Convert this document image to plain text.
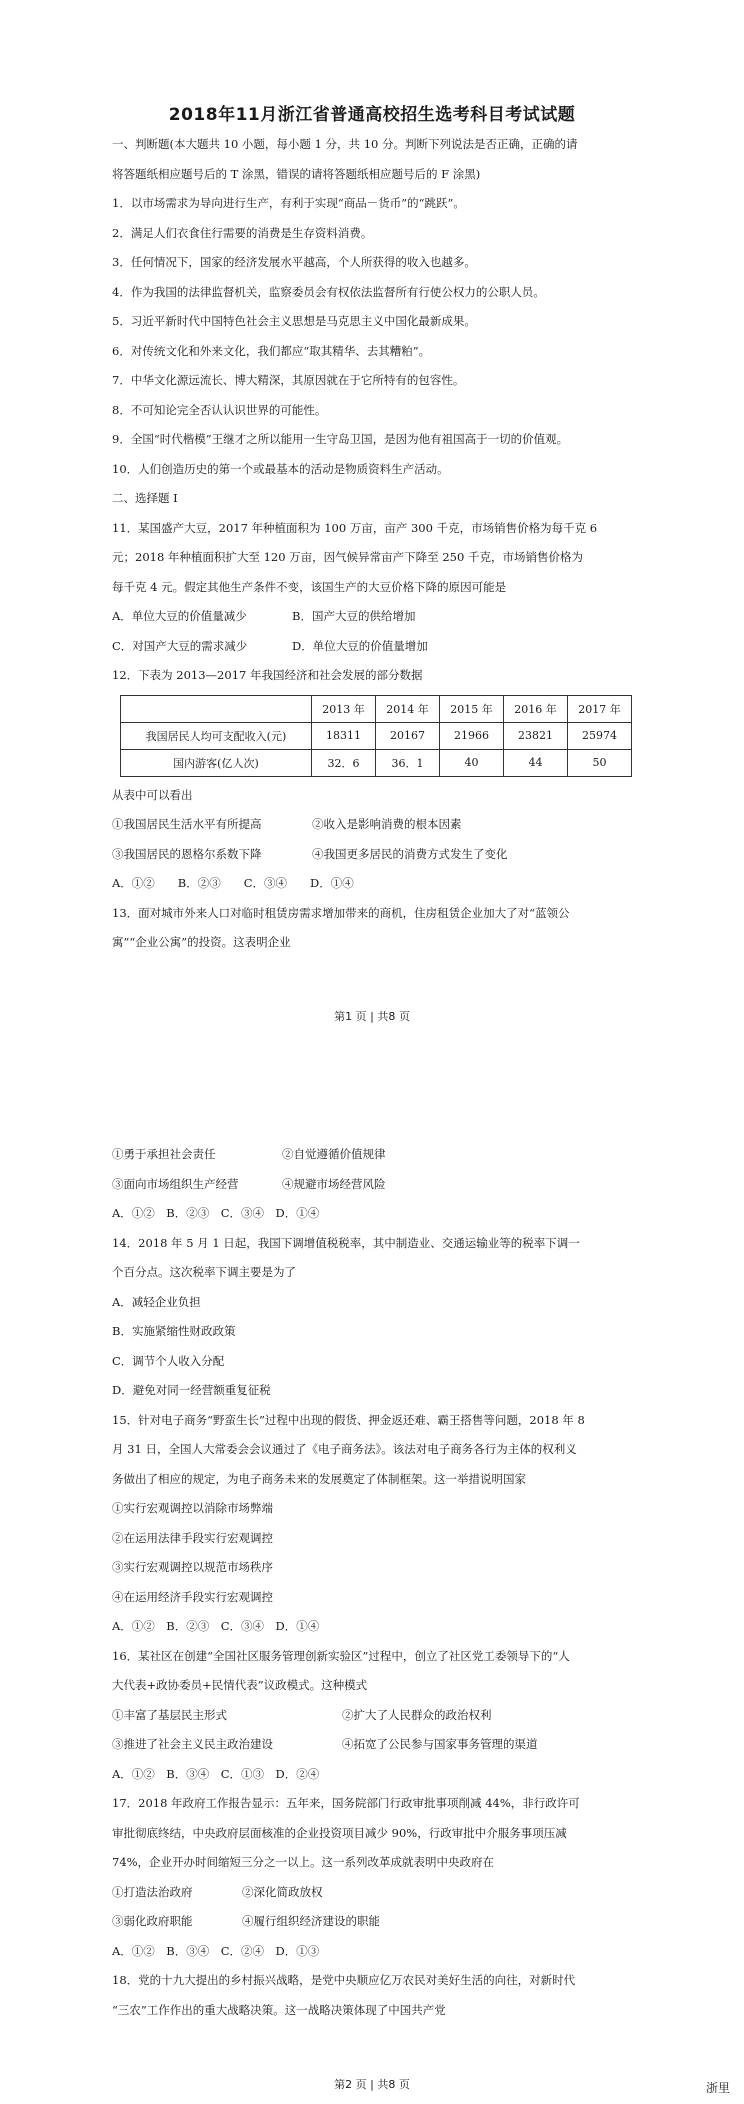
2018年11月浙江省普通高校招生选考科目考试试题

一、判断题(本大题共 10 小题，每小题 1 分，共 10 分。判断下列说法是否正确，正确的请

将答题纸相应题号后的 T 涂黑，错误的请将答题纸相应题号后的 F 涂黑)

1．以市场需求为导向进行生产，有利于实现“商品－货币”的“跳跃”。

2．满足人们衣食住行需要的消费是生存资料消费。

3．任何情况下，国家的经济发展水平越高，个人所获得的收入也越多。

4．作为我国的法律监督机关，监察委员会有权依法监督所有行使公权力的公职人员。

5．习近平新时代中国特色社会主义思想是马克思主义中国化最新成果。

6．对传统文化和外来文化，我们都应“取其精华、去其糟粕”。

7．中华文化源远流长、博大精深，其原因就在于它所特有的包容性。

8．不可知论完全否认认识世界的可能性。

9．全国“时代楷模”王继才之所以能用一生守岛卫国，是因为他有祖国高于一切的价值观。

10．人们创造历史的第一个或最基本的活动是物质资料生产活动。

二、选择题 I

11．某国盛产大豆，2017 年种植面积为 100 万亩，亩产 300 千克，市场销售价格为每千克 6

元；2018 年种植面积扩大至 120 万亩，因气候异常亩产下降至 250 千克，市场销售价格为

每千克 4 元。假定其他生产条件不变，该国生产的大豆价格下降的原因可能是

A．单位大豆的价值量减少	B．国产大豆的供给增加
C．对国产大豆的需求减少	D．单位大豆的价值量增加

12．下表为 2013—2017 年我国经济和社会发展的部分数据

	2013 年	2014 年	2015 年	2016 年	2017 年
我国居民人均可支配收入(元)	18311	20167	21966	23821	25974
国内游客(亿人次)	32．6	36．1	40	44	50

从表中可以看出

①我国居民生活水平有所提高	②收入是影响消费的根本因素
③我国居民的恩格尔系数下降	④我国更多居民的消费方式发生了变化

A．①②　　B．②③　　C．③④　　D．①④

13．面对城市外来人口对临时租赁房需求增加带来的商机，住房租赁企业加大了对“蓝领公

寓”“企业公寓”的投资。这表明企业

第1 页 | 共8 页
①勇于承担社会责任	②自觉遵循价值规律
③面向市场组织生产经营	④规避市场经营风险

A．①②　B．②③　C．③④　D．①④

14．2018 年 5 月 1 日起，我国下调增值税税率，其中制造业、交通运输业等的税率下调一

个百分点。这次税率下调主要是为了

A．减轻企业负担

B．实施紧缩性财政政策

C．调节个人收入分配

D．避免对同一经营额重复征税

15．针对电子商务“野蛮生长”过程中出现的假货、押金返还难、霸王搭售等问题，2018 年 8

月 31 日，全国人大常委会会议通过了《电子商务法》。该法对电子商务各行为主体的权利义

务做出了相应的规定，为电子商务未来的发展奠定了体制框架。这一举措说明国家

①实行宏观调控以消除市场弊端

②在运用法律手段实行宏观调控

③实行宏观调控以规范市场秩序

④在运用经济手段实行宏观调控

A．①②　B．②③　C．③④　D．①④

16．某社区在创建“全国社区服务管理创新实验区”过程中，创立了社区党工委领导下的“人

大代表+政协委员+民情代表”议政模式。这种模式

①丰富了基层民主形式	②扩大了人民群众的政治权利
③推进了社会主义民主政治建设	④拓宽了公民参与国家事务管理的渠道

A．①②　B．③④　C．①③　D．②④

17．2018 年政府工作报告显示：五年来，国务院部门行政审批事项削减 44%，非行政许可

审批彻底终结，中央政府层面核准的企业投资项目减少 90%，行政审批中介服务事项压减

74%，企业开办时间缩短三分之一以上。这一系列改革成就表明中央政府在

①打造法治政府	②深化简政放权
③弱化政府职能	④履行组织经济建设的职能

A．①②　B．③④　C．②④　D．①③

18．党的十九大提出的乡村振兴战略，是党中央顺应亿万农民对美好生活的向往，对新时代

“三农”工作作出的重大战略决策。这一战略决策体现了中国共产党

第2 页 | 共8 页	浙里
